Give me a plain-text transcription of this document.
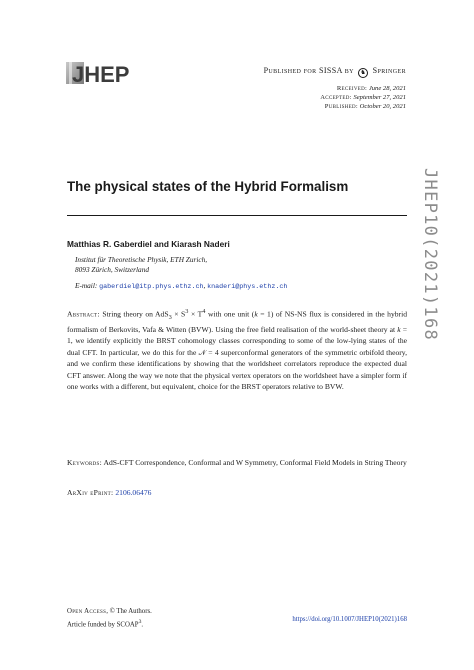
JHEP	Published for SISSA by ♞ Springer
Received: June 28, 2021
Accepted: September 27, 2021
Published: October 20, 2021
The physical states of the Hybrid Formalism
Matthias R. Gaberdiel and Kiarash Naderi
Institut für Theoretische Physik, ETH Zurich,
8093 Zürich, Switzerland
E-mail: gaberdiel@itp.phys.ethz.ch, knaderi@phys.ethz.ch
Abstract: String theory on $AdS_3 \times S^3 \times T^4$ with one unit (k = 1) of NS-NS flux is considered in the hybrid formalism of Berkovits, Vafa & Witten (BVW). Using the free field realisation of the world-sheet theory at k = 1, we identify explicitly the BRST cohomology classes corresponding to some of the low-lying states of the dual CFT. In particular, we do this for the 𝒩 = 4 superconformal generators of the symmetric orbifold theory, and we confirm these identifications by showing that the worldsheet correlators reproduce the expected dual CFT answer. Along the way we note that the physical vertex operators on the worldsheet have a simpler form if one works with a different, but equivalent, choice for the BRST operators relative to BVW.
Keywords: AdS-CFT Correspondence, Conformal and W Symmetry, Conformal Field Models in String Theory
ArXiv ePrint: 2106.06476
JHEP10(2021)168
Open Access, © The Authors.
Article funded by SCOAP$^3$.
https://doi.org/10.1007/JHEP10(2021)168
